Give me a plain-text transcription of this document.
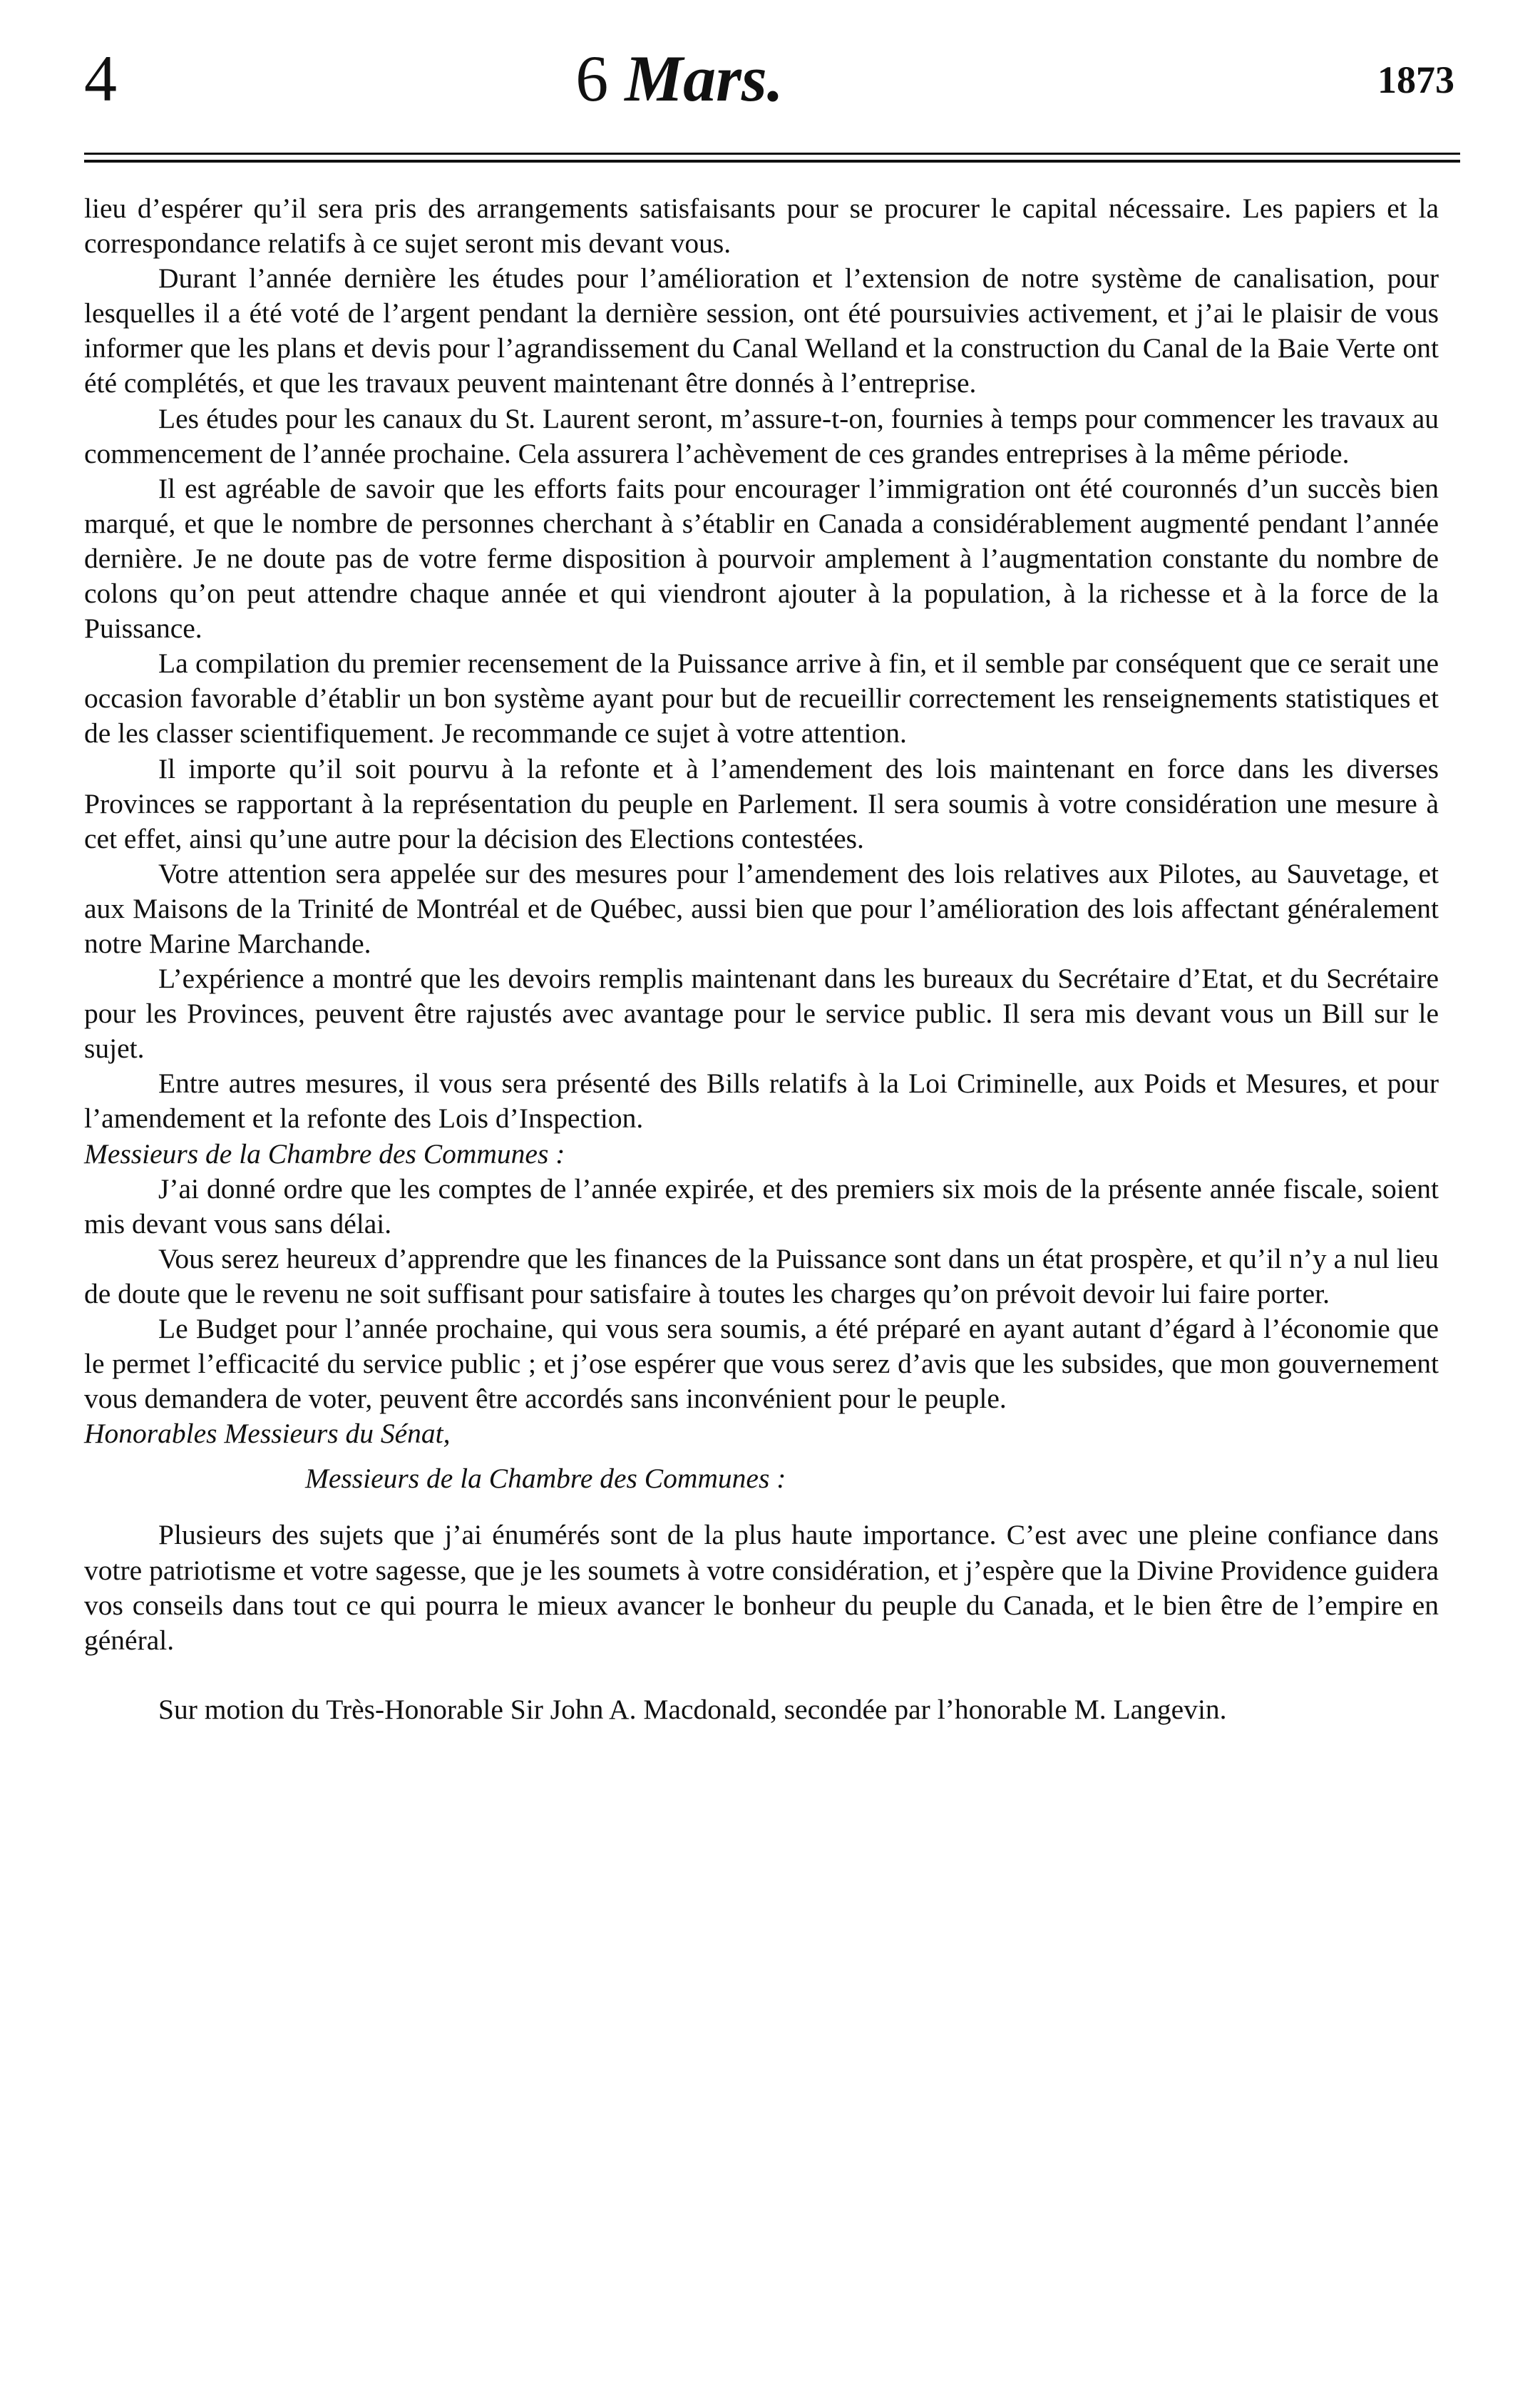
4	6 Mars.	1873

lieu d’espérer qu’il sera pris des arrangements satisfaisants pour se procurer le capital nécessaire. Les papiers et la correspondance relatifs à ce sujet seront mis devant vous.

Durant l’année dernière les études pour l’amélioration et l’extension de notre système de canalisation, pour lesquelles il a été voté de l’argent pendant la dernière session, ont été poursuivies activement, et j’ai le plaisir de vous informer que les plans et devis pour l’agrandissement du Canal Welland et la construction du Canal de la Baie Verte ont été complétés, et que les travaux peuvent maintenant être donnés à l’entreprise.

Les études pour les canaux du St. Laurent seront, m’assure-t-on, fournies à temps pour commencer les travaux au commencement de l’année prochaine. Cela assurera l’achèvement de ces grandes entreprises à la même période.

Il est agréable de savoir que les efforts faits pour encourager l’immigration ont été couronnés d’un succès bien marqué, et que le nombre de personnes cherchant à s’établir en Canada a considérablement augmenté pendant l’année dernière. Je ne doute pas de votre ferme disposition à pourvoir amplement à l’augmentation constante du nombre de colons qu’on peut attendre chaque année et qui viendront ajouter à la population, à la richesse et à la force de la Puissance.

La compilation du premier recensement de la Puissance arrive à fin, et il semble par conséquent que ce serait une occasion favorable d’établir un bon système ayant pour but de recueillir correctement les renseignements statistiques et de les classer scientifiquement. Je recommande ce sujet à votre attention.

Il importe qu’il soit pourvu à la refonte et à l’amendement des lois maintenant en force dans les diverses Provinces se rapportant à la représentation du peuple en Parlement. Il sera soumis à votre considération une mesure à cet effet, ainsi qu’une autre pour la décision des Elections contestées.

Votre attention sera appelée sur des mesures pour l’amendement des lois relatives aux Pilotes, au Sauvetage, et aux Maisons de la Trinité de Montréal et de Québec, aussi bien que pour l’amélioration des lois affectant généralement notre Marine Marchande.

L’expérience a montré que les devoirs remplis maintenant dans les bureaux du Secrétaire d’Etat, et du Secrétaire pour les Provinces, peuvent être rajustés avec avantage pour le service public. Il sera mis devant vous un Bill sur le sujet.

Entre autres mesures, il vous sera présenté des Bills relatifs à la Loi Criminelle, aux Poids et Mesures, et pour l’amendement et la refonte des Lois d’Inspection.

Messieurs de la Chambre des Communes :

J’ai donné ordre que les comptes de l’année expirée, et des premiers six mois de la présente année fiscale, soient mis devant vous sans délai.

Vous serez heureux d’apprendre que les finances de la Puissance sont dans un état prospère, et qu’il n’y a nul lieu de doute que le revenu ne soit suffisant pour satisfaire à toutes les charges qu’on prévoit devoir lui faire porter.

Le Budget pour l’année prochaine, qui vous sera soumis, a été préparé en ayant autant d’égard à l’économie que le permet l’efficacité du service public ; et j’ose espérer que vous serez d’avis que les subsides, que mon gouvernement vous demandera de voter, peuvent être accordés sans inconvénient pour le peuple.

Honorables Messieurs du Sénat,

Messieurs de la Chambre des Communes :

Plusieurs des sujets que j’ai énumérés sont de la plus haute importance. C’est avec une pleine confiance dans votre patriotisme et votre sagesse, que je les soumets à votre considération, et j’espère que la Divine Providence guidera vos conseils dans tout ce qui pourra le mieux avancer le bonheur du peuple du Canada, et le bien être de l’empire en général.

Sur motion du Très-Honorable Sir John A. Macdonald, secondée par l’honorable M. Langevin.
